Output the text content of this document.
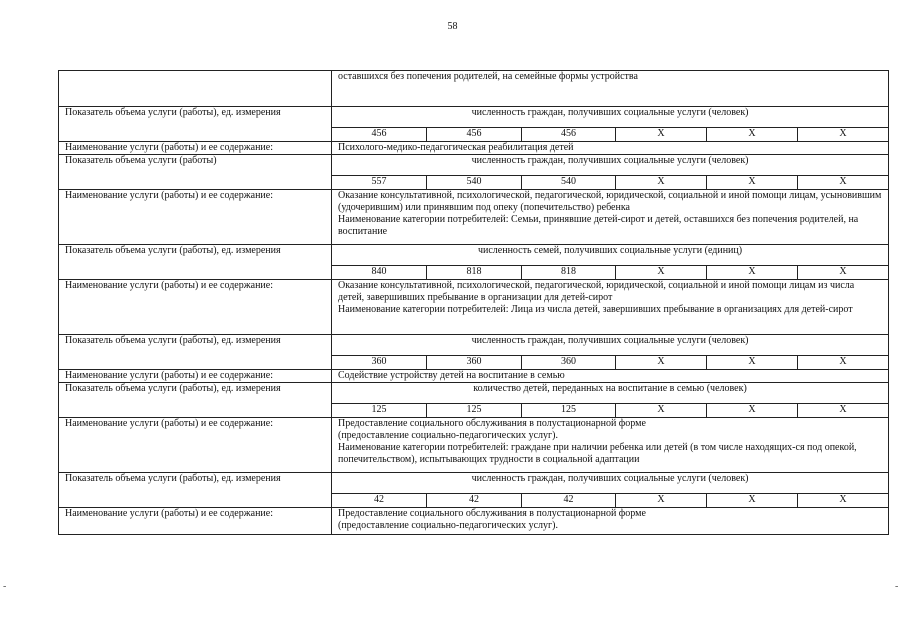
58
	оставшихся без попечения родителей, на семейные формы устройства					
Показатель объема услуги (работы), ед. измерения	численность граждан, получивших социальные услуги (человек)					
	456	456	456	X	X	X
Наименование услуги (работы) и ее содержание:	Психолого-медико-педагогическая реабилитация детей					
Показатель объема услуги (работы)	численность граждан, получивших социальные услуги (человек)					
	557	540	540	X	X	X
Наименование услуги (работы) и ее содержание:	Оказание консультативной, психологической, педагогической, юридической, социальной и иной помощи лицам, усыновившим (удочерившим) или принявшим под опеку (попечительство) ребенка
Наименование категории потребителей: Семьи, принявшие детей-сирот и детей, оставшихся без попечения родителей, на воспитание					
Показатель объема услуги (работы), ед. измерения	численность семей, получивших социальные услуги (единиц)					
	840	818	818	X	X	X
Наименование услуги (работы) и ее содержание:	Оказание консультативной, психологической, педагогической, юридической, социальной и иной помощи лицам из числа детей, завершивших пребывание в организации для детей-сирот
Наименование категории потребителей: Лица из числа детей, завершивших пребывание в организациях для детей-сирот					
Показатель объема услуги (работы), ед. измерения	численность граждан, получивших социальные услуги (человек)					
	360	360	360	X	X	X
Наименование услуги (работы) и ее содержание:	Содействие устройству детей на воспитание в семью					
Показатель объема услуги (работы), ед. измерения	количество детей, переданных на воспитание в семью (человек)					
	125	125	125	X	X	X
Наименование услуги (работы) и ее содержание:	Предоставление социального обслуживания в полустационарной форме
(предоставление социально-педагогических услуг).
Наименование категории потребителей: граждане при наличии ребенка или детей (в том числе находящих-ся под опекой, попечительством), испытывающих трудности в социальной адаптации					
Показатель объема услуги (работы), ед. измерения	численность граждан, получивших социальные услуги (человек)					
	42	42	42	X	X	X
Наименование услуги (работы) и ее содержание:	Предоставление социального обслуживания в полустационарной форме
(предоставление социально-педагогических услуг).					
-	-
